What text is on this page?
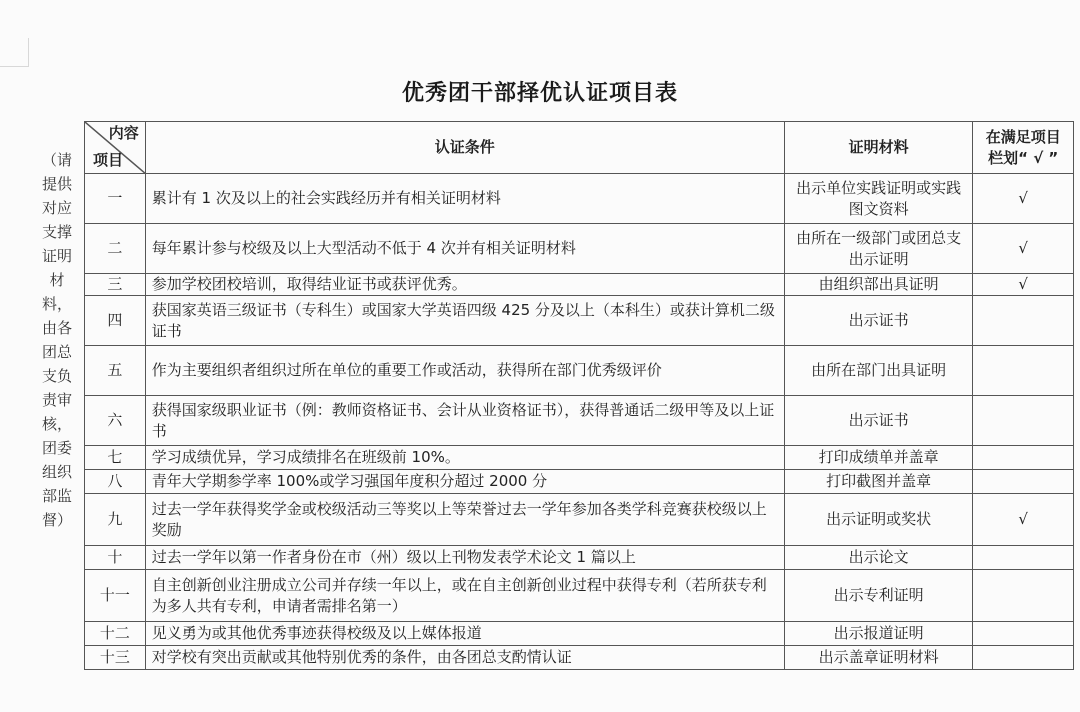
优秀团干部择优认证项目表
（请提供对应支撑证明材料，由各团总支负责审核，团委组织部监督）
内容
项目	认证条件	证明材料	在满足项目栏划“ √ ”
一	累计有 1 次及以上的社会实践经历并有相关证明材料	出示单位实践证明或实践图文资料	√
二	每年累计参与校级及以上大型活动不低于 4 次并有相关证明材料	由所在一级部门或团总支出示证明	√
三	参加学校团校培训，取得结业证书或获评优秀。	由组织部出具证明	√
四	获国家英语三级证书（专科生）或国家大学英语四级 425 分及以上（本科生）或获计算机二级证书	出示证书	
五	作为主要组织者组织过所在单位的重要工作或活动，获得所在部门优秀级评价	由所在部门出具证明	
六	获得国家级职业证书（例：教师资格证书、会计从业资格证书），获得普通话二级甲等及以上证书	出示证书	
七	学习成绩优异，学习成绩排名在班级前 10%。	打印成绩单并盖章	
八	青年大学期参学率 100%或学习强国年度积分超过 2000 分	打印截图并盖章	
九	过去一学年获得奖学金或校级活动三等奖以上等荣誉过去一学年参加各类学科竞赛获校级以上奖励	出示证明或奖状	√
十	过去一学年以第一作者身份在市（州）级以上刊物发表学术论文 1 篇以上	出示论文	
十一	自主创新创业注册成立公司并存续一年以上，或在自主创新创业过程中获得专利（若所获专利为多人共有专利，申请者需排名第一）	出示专利证明	
十二	见义勇为或其他优秀事迹获得校级及以上媒体报道	出示报道证明	
十三	对学校有突出贡献或其他特别优秀的条件，由各团总支酌情认证	出示盖章证明材料	
